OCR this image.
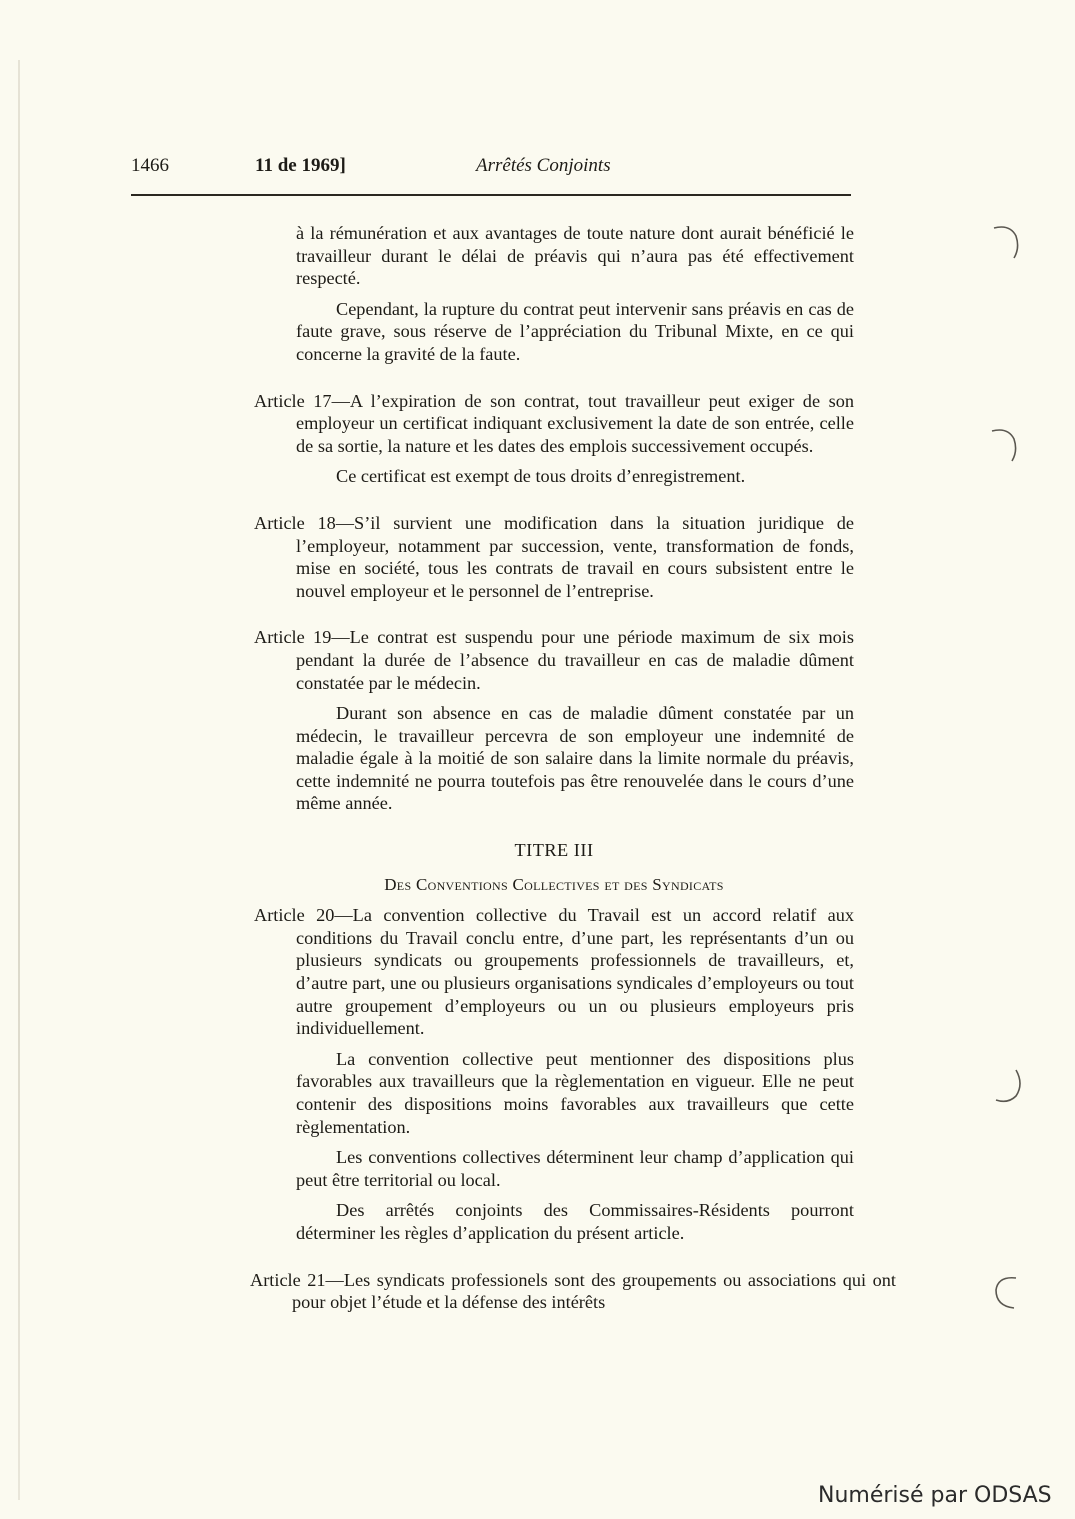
1466	11 de 1969]	Arrêtés Conjoints

à la rémunération et aux avantages de toute nature dont aurait bénéficié le travailleur durant le délai de préavis qui n’aura pas été effectivement respecté.

Cependant, la rupture du contrat peut intervenir sans préavis en cas de faute grave, sous réserve de l’appréciation du Tribunal Mixte, en ce qui concerne la gravité de la faute.

Article 17—A l’expiration de son contrat, tout travailleur peut exiger de son employeur un certificat indiquant exclusivement la date de son entrée, celle de sa sortie, la nature et les dates des emplois successivement occupés.

Ce certificat est exempt de tous droits d’enregistrement.

Article 18—S’il survient une modification dans la situation juridique de l’employeur, notamment par succession, vente, transformation de fonds, mise en société, tous les contrats de travail en cours subsistent entre le nouvel employeur et le personnel de l’entreprise.

Article 19—Le contrat est suspendu pour une période maximum de six mois pendant la durée de l’absence du travailleur en cas de maladie dûment constatée par le médecin.

Durant son absence en cas de maladie dûment constatée par un médecin, le travailleur percevra de son employeur une indemnité de maladie égale à la moitié de son salaire dans la limite normale du préavis, cette indemnité ne pourra toutefois pas être renouvelée dans le cours d’une même année.

TITRE III

Des Conventions Collectives et des Syndicats

Article 20—La convention collective du Travail est un accord relatif aux conditions du Travail conclu entre, d’une part, les représentants d’un ou plusieurs syndicats ou groupements professionnels de travailleurs, et, d’autre part, une ou plusieurs organisations syndicales d’employeurs ou tout autre groupement d’employeurs ou un ou plusieurs employeurs pris individuellement.

La convention collective peut mentionner des dispositions plus favorables aux travailleurs que la règlementation en vigueur. Elle ne peut contenir des dispositions moins favorables aux travailleurs que cette règlementation.

Les conventions collectives déterminent leur champ d’application qui peut être territorial ou local.

Des arrêtés conjoints des Commissaires-Résidents pourront déterminer les règles d’application du présent article.

Article 21—Les syndicats professionels sont des groupements ou associations qui ont pour objet l’étude et la défense des intérêts

Numérisé par ODSAS
